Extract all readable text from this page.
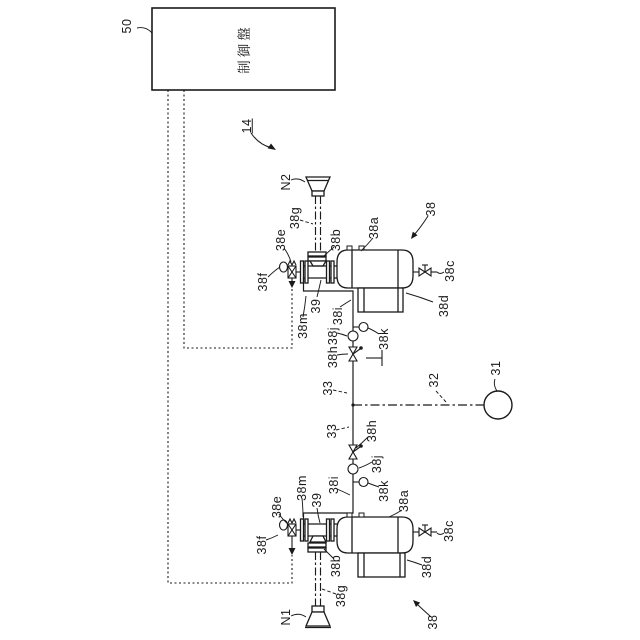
制御盤
50
14
N2
38g
38e	38b
38f
38a
38
38c
38d
38m
39
38i
38j
38h
38k
33
32
31
33 38h
38j
38k
38i
38a
39
38m
38e
38f
38b
38g
N1	38
38c
38d
